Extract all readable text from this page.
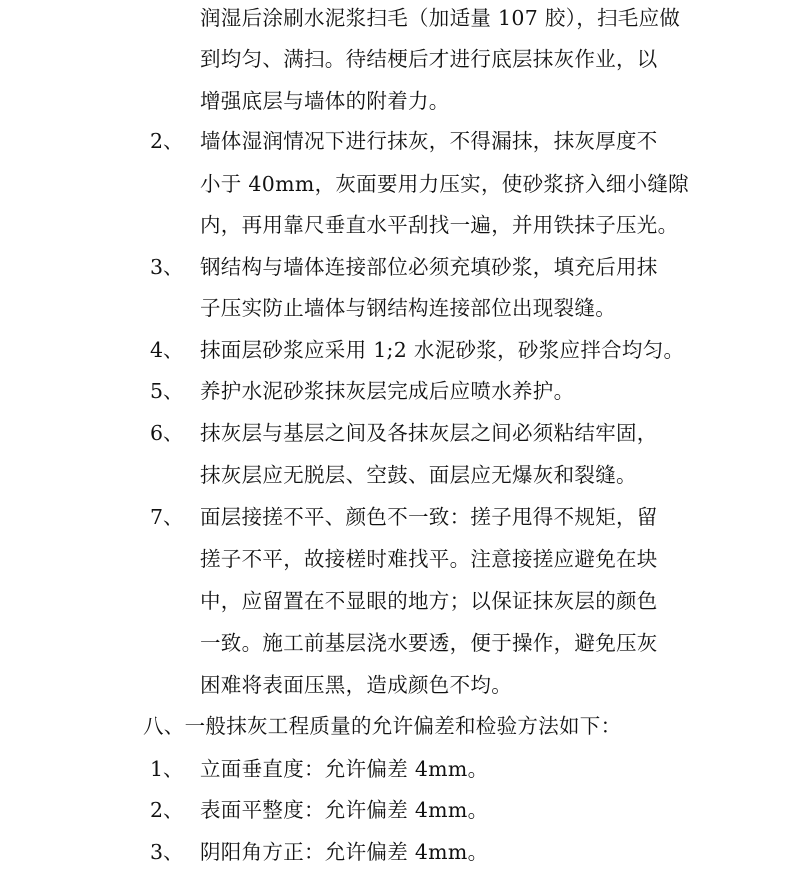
润湿后涂刷水泥浆扫毛（加适量 107 胶），扫毛应做
到均匀、满扫。待结梗后才进行底层抹灰作业，以
增强底层与墙体的附着力。
2、 墙体湿润情况下进行抹灰，不得漏抹，抹灰厚度不
小于 40mm，灰面要用力压实，使砂浆挤入细小缝隙
内，再用靠尺垂直水平刮找一遍，并用铁抹子压光。
3、 钢结构与墙体连接部位必须充填砂浆，填充后用抹
子压实防止墙体与钢结构连接部位出现裂缝。
4、 抹面层砂浆应采用 1;2 水泥砂浆，砂浆应拌合均匀。
5、 养护水泥砂浆抹灰层完成后应喷水养护。
6、 抹灰层与基层之间及各抹灰层之间必须粘结牢固，
抹灰层应无脱层、空鼓、面层应无爆灰和裂缝。
7、 面层接搓不平、颜色不一致：搓子甩得不规矩，留
搓子不平，故接槎时难找平。注意接搓应避免在块
中，应留置在不显眼的地方；以保证抹灰层的颜色
一致。施工前基层浇水要透，便于操作，避免压灰
困难将表面压黑，造成颜色不均。
八、一般抹灰工程质量的允许偏差和检验方法如下：
1、 立面垂直度：允许偏差 4mm。
2、 表面平整度：允许偏差 4mm。
3、 阴阳角方正：允许偏差 4mm。
